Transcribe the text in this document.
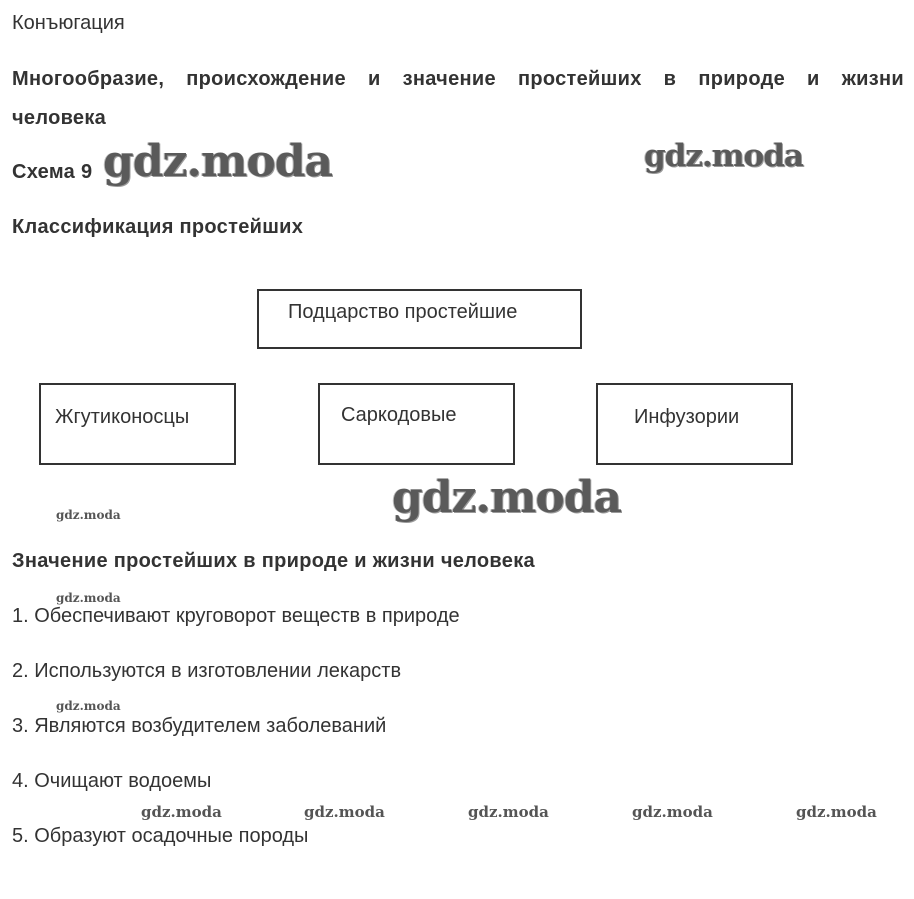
Конъюгация
Многообразие, происхождение и значение простейших в природе и жизни
человека
Схема 9
Классификация простейших
Подцарство простейшие
Жгутиконосцы	Саркодовые	Инфузории
Значение простейших в природе и жизни человека
1. Обеспечивают круговорот веществ в природе
2. Используются в изготовлении лекарств
3. Являются возбудителем заболеваний
4. Очищают водоемы
5. Образуют осадочные породы
gdz.moda	gdz.moda
gdz.moda
gdz.moda
gdz.moda
gdz.moda
gdz.moda	gdz.moda	gdz.moda	gdz.moda	gdz.moda
